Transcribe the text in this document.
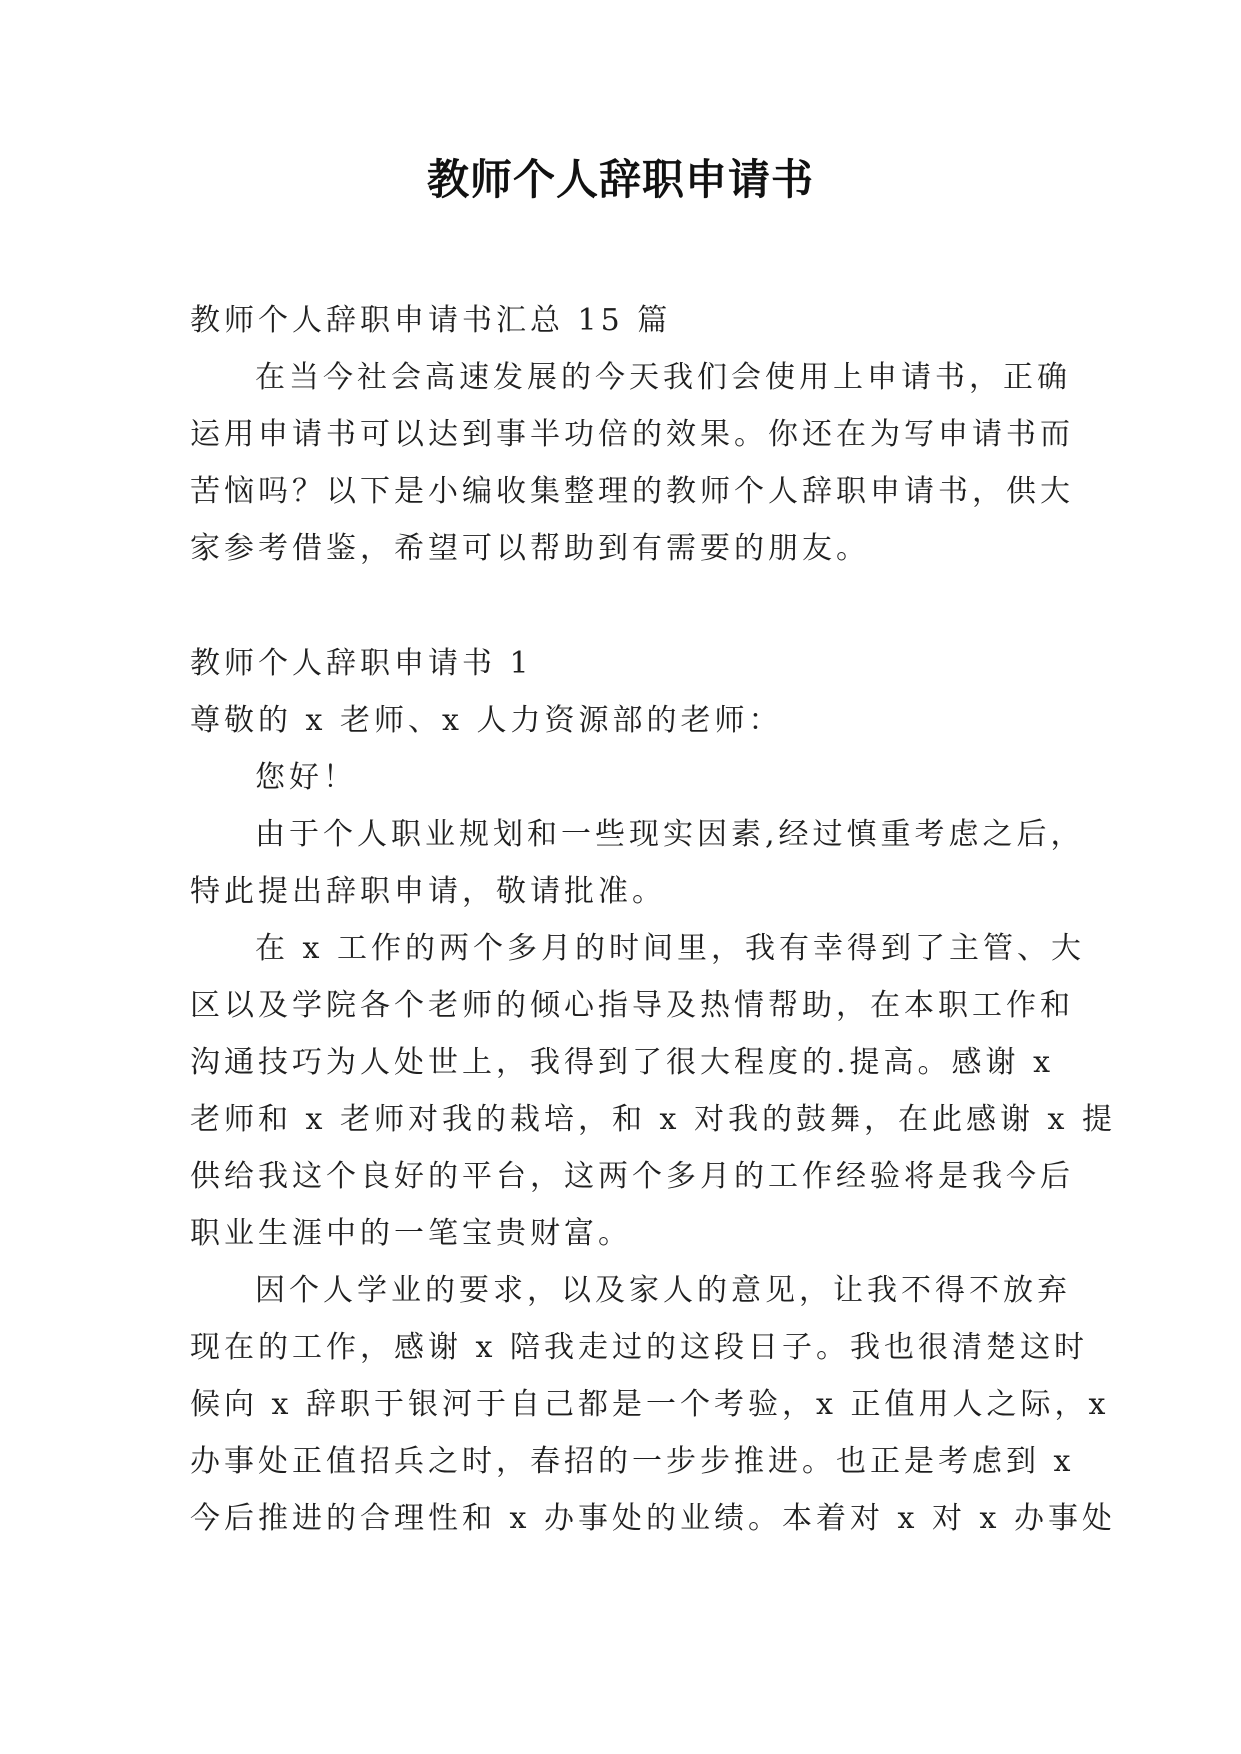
教师个人辞职申请书
教师个人辞职申请书汇总 15 篇
在当今社会高速发展的今天我们会使用上申请书，正确
运用申请书可以达到事半功倍的效果。你还在为写申请书而
苦恼吗？以下是小编收集整理的教师个人辞职申请书，供大
家参考借鉴，希望可以帮助到有需要的朋友。
教师个人辞职申请书 1
尊敬的 x 老师、x 人力资源部的老师：
您好！
由于个人职业规划和一些现实因素,经过慎重考虑之后，
特此提出辞职申请，敬请批准。
在 x 工作的两个多月的时间里，我有幸得到了主管、大
区以及学院各个老师的倾心指导及热情帮助，在本职工作和
沟通技巧为人处世上，我得到了很大程度的.提高。感谢 x
老师和 x 老师对我的栽培，和 x 对我的鼓舞，在此感谢 x 提
供给我这个良好的平台，这两个多月的工作经验将是我今后
职业生涯中的一笔宝贵财富。
因个人学业的要求，以及家人的意见，让我不得不放弃
现在的工作，感谢 x 陪我走过的这段日子。我也很清楚这时
候向 x 辞职于银河于自己都是一个考验，x 正值用人之际，x
办事处正值招兵之时，春招的一步步推进。也正是考虑到 x
今后推进的合理性和 x 办事处的业绩。本着对 x 对 x 办事处
